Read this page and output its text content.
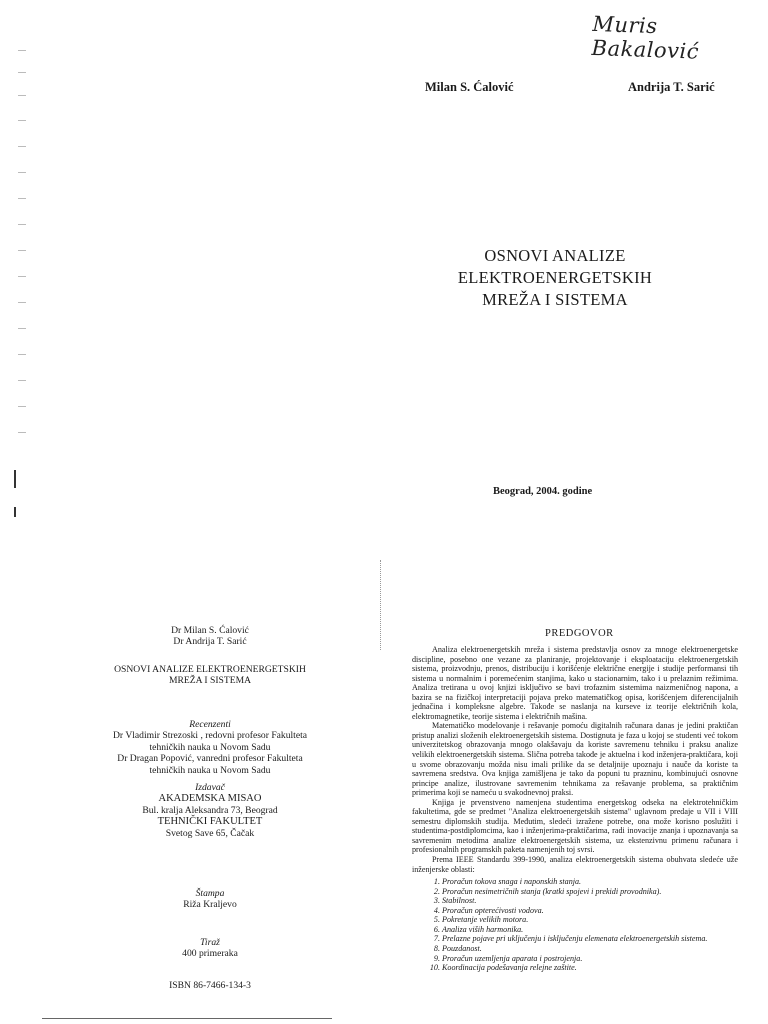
Muris Bakalović
Milan S. Ćalović	Andrija T. Sarić
OSNOVI ANALIZE
ELEKTROENERGETSKIH
MREŽA I SISTEMA
Beograd, 2004. godine
Dr Milan S. Ćalović
Dr Andrija T. Sarić
OSNOVI ANALIZE ELEKTROENERGETSKIH
MREŽA I SISTEMA
Recenzenti
Dr Vladimir Strezoski , redovni profesor Fakulteta
tehničkih nauka u Novom Sadu
Dr Dragan Popović, vanredni profesor Fakulteta
tehničkih nauka u Novom Sadu
Izdavač
AKADEMSKA MISAO
Bul. kralja Aleksandra 73, Beograd
TEHNIČKI FAKULTET
Svetog Save 65, Čačak
Štampa
Riža Kraljevo
Tiraž
400 primeraka
ISBN 86-7466-134-3
PREDGOVOR

Analiza elektroenergetskih mreža i sistema predstavlja osnov za mnoge elektroenergetske discipline, posebno one vezane za planiranje, projektovanje i eksploataciju elektroenergetskih sistema, proizvodnju, prenos, distribuciju i korišćenje električne energije i studije performansi tih sistema u normalnim i poremećenim stanjima, kako u stacionarnim, tako i u prelaznim režimima. Analiza tretirana u ovoj knjizi isključivo se bavi trofaznim sistemima naizmeničnog napona, a bazira se na fizičkoj interpretaciji pojava preko matematičkog opisa, korišćenjem diferencijalnih jednačina i kompleksne algebre. Takođe se naslanja na kurseve iz teorije električnih kola, elektromagnetike, teorije sistema i električnih mašina.

Matematičko modelovanje i rešavanje pomoću digitalnih računara danas je jedini praktičan pristup analizi složenih elektroenergetskih sistema. Dostignuta je faza u kojoj se studenti već tokom univerzitetskog obrazovanja mnogo olakšavaju da koriste savremenu tehniku i praksu analize velikih elektroenergetskih sistema. Slična potreba takođe je aktuelna i kod inženjera-praktičara, koji u svome obrazovanju možda nisu imali prilike da se detaljnije upoznaju i nauče da koriste ta savremena sredstva. Ova knjiga zamišljena je tako da popuni tu prazninu, kombinujući osnovne principe analize, ilustrovane savremenim tehnikama za rešavanje problema, sa praktičnim primerima koji se nameću u svakodnevnoj praksi.

Knjiga je prvenstveno namenjena studentima energetskog odseka na elektrotehničkim fakultetima, gde se predmet "Analiza elektroenergetskih sistema" uglavnom predaje u VII i VIII semestru diplomskih studija. Međutim, sledeći izražene potrebe, ona može korisno poslužiti i studentima-postdiplomcima, kao i inženjerima-praktičarima, radi inovacije znanja i upoznavanja sa savremenim metodima analize elektroenergetskih sistema, uz ekstenzivnu primenu računara i profesionalnih programskih paketa namenjenih toj svrsi.

Prema IEEE Standardu 399-1990, analiza elektroenergetskih sistema obuhvata sledeće uže inženjerske oblasti:

1. Proračun tokova snaga i naponskih stanja.
2. Proračun nesimetričnih stanja (kratki spojevi i prekidi provodnika).
3. Stabilnost.
4. Proračun opterećivosti vodova.
5. Pokretanje velikih motora.
6. Analiza viših harmonika.
7. Prelazne pojave pri uključenju i isključenju elemenata elektroenergetskih sistema.
8. Pouzdanost.
9. Proračun uzemljenja aparata i postrojenja.
10. Koordinacija podešavanja relejne zaštite.
